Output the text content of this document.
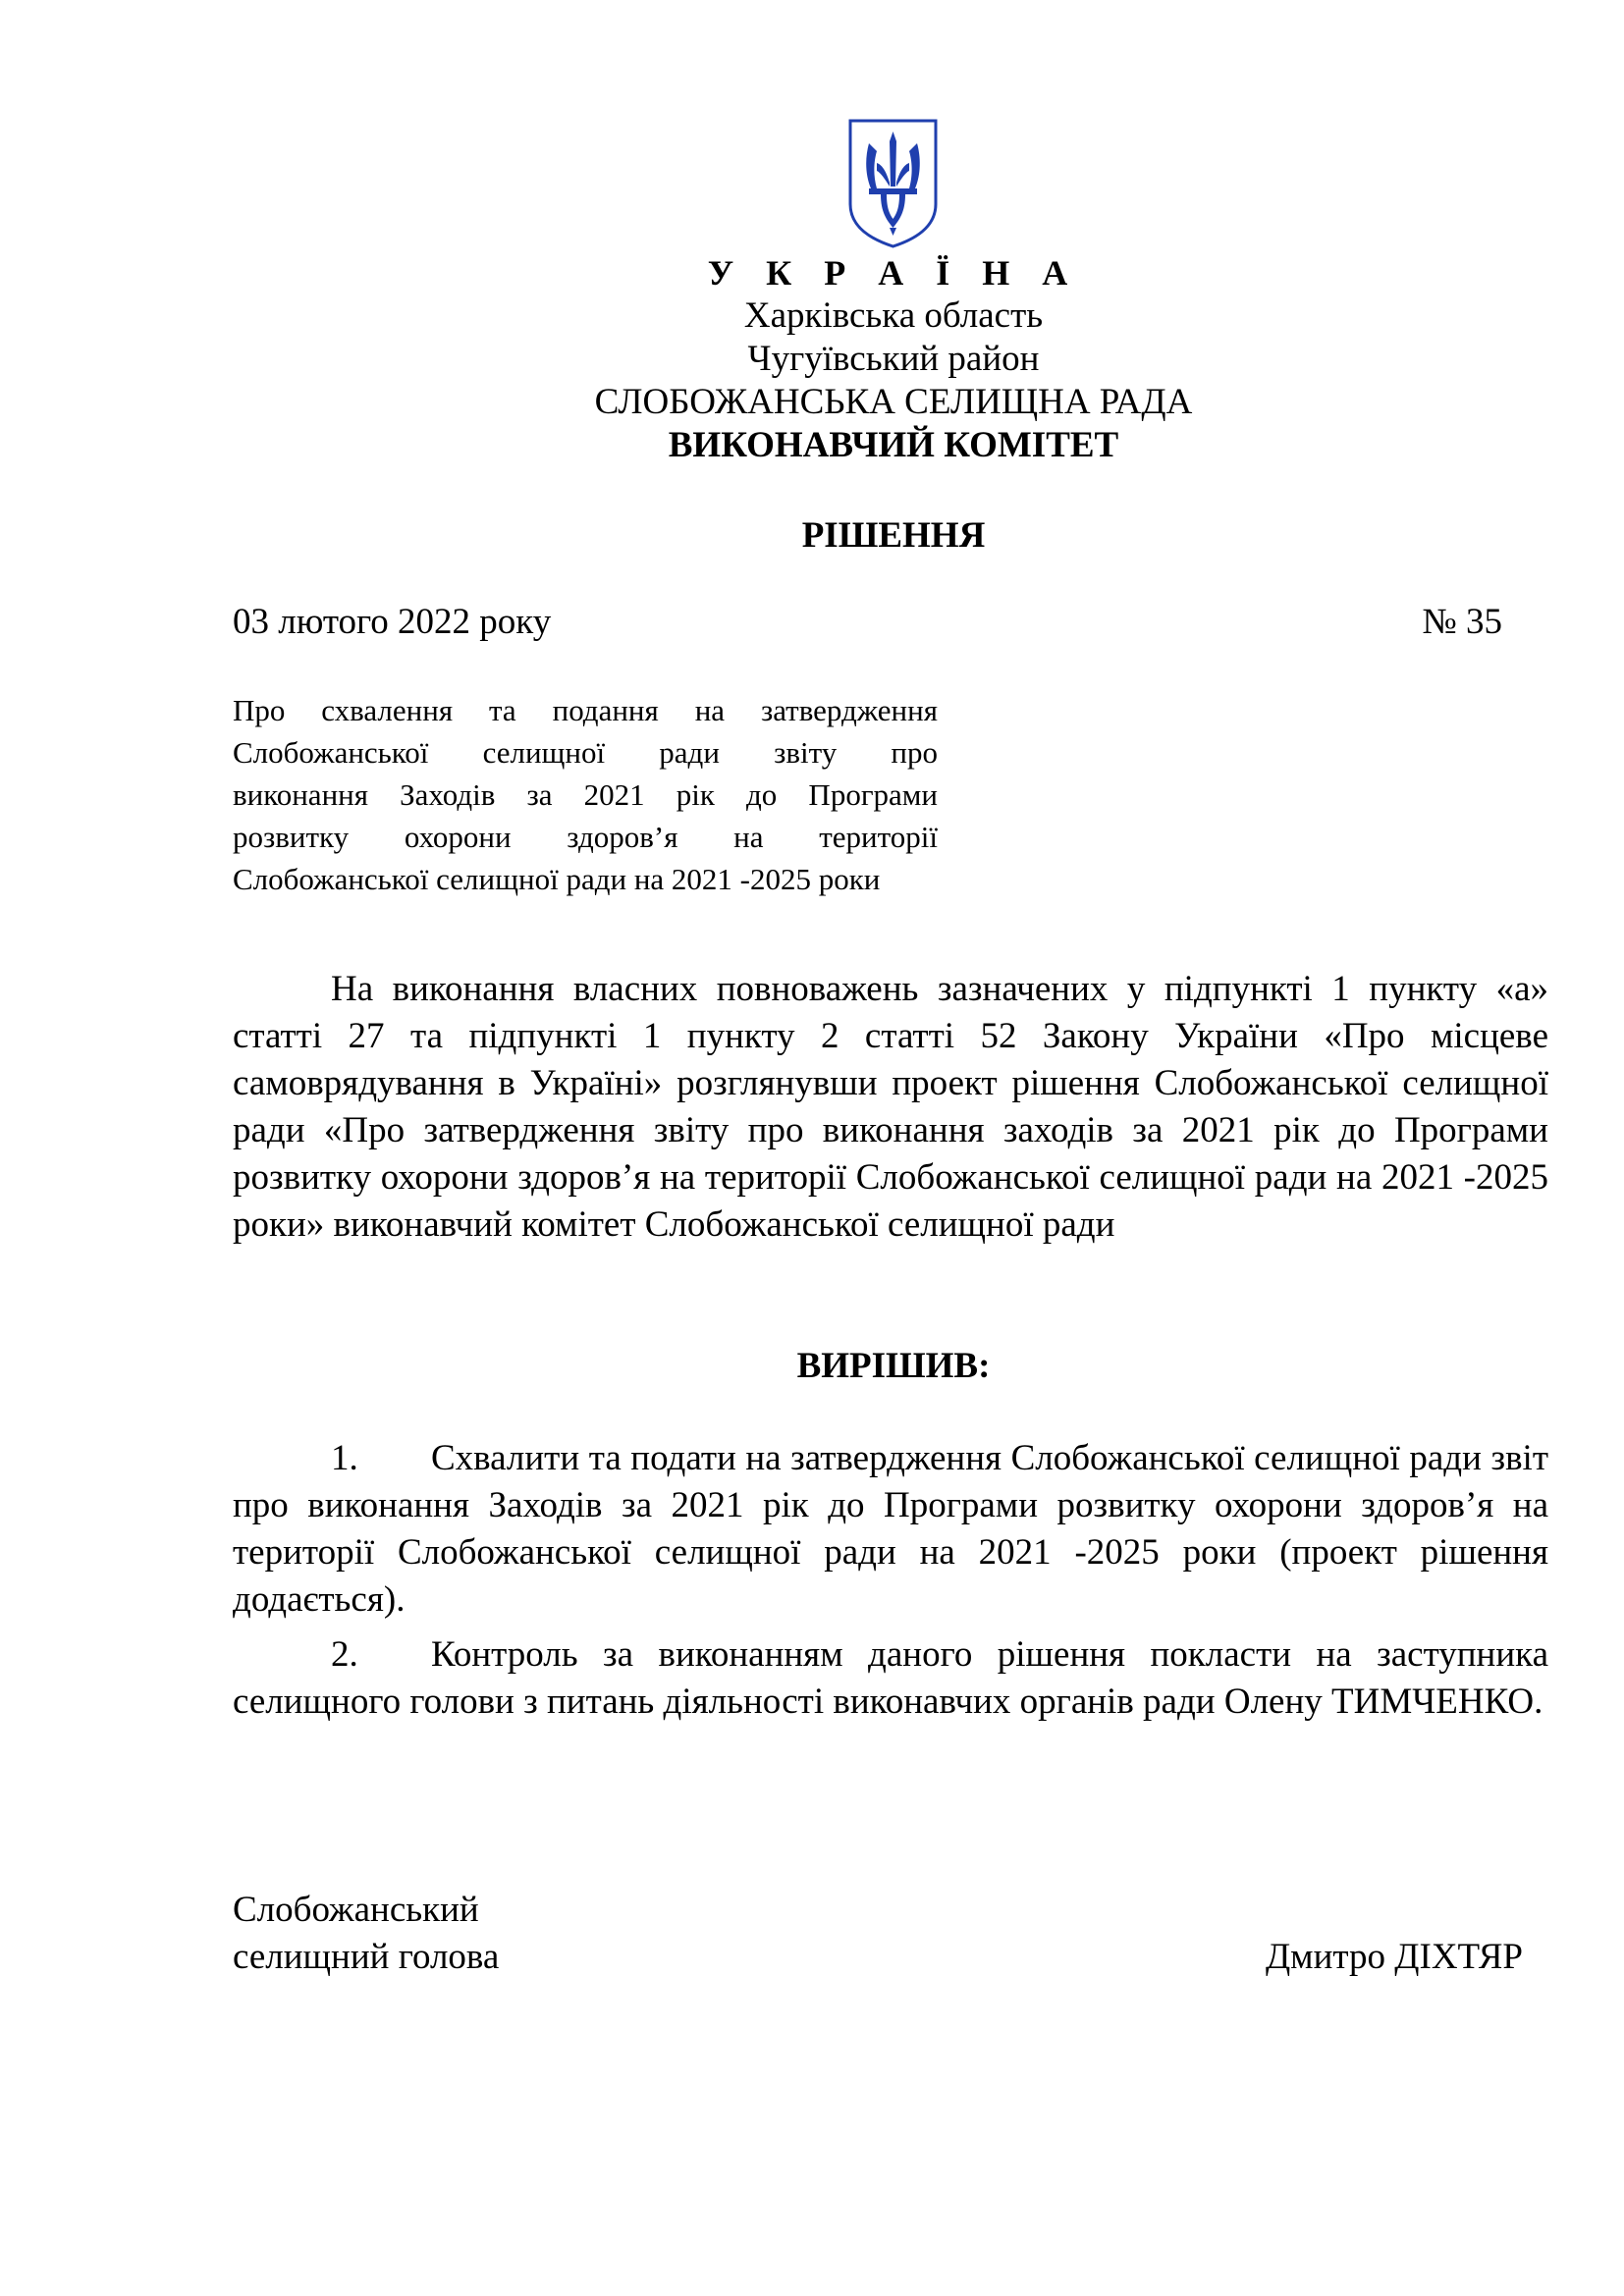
У К Р А Ї Н А
Харківська область
Чугуївський район
СЛОБОЖАНСЬКА СЕЛИЩНА РАДА
ВИКОНАВЧИЙ КОМІТЕТ
РІШЕННЯ
03 лютого 2022 року	№ 35
Про схвалення та подання на затвердження
Слобожанської селищної ради звіту про
виконання Заходів за 2021 рік до Програми
розвитку охорони здоров’я на території
Слобожанської селищної ради на 2021 -2025 роки
На виконання власних повноважень зазначених у підпункті 1 пункту «а» статті 27 та підпункті 1 пункту 2 статті 52 Закону України «Про місцеве самоврядування в Україні» розглянувши проект рішення Слобожанської селищної ради «Про затвердження звіту про виконання заходів за 2021 рік до Програми розвитку охорони здоров’я на території Слобожанської селищної ради на 2021 -2025 роки» виконавчий комітет Слобожанської селищної ради
ВИРІШИВ:
1. Схвалити та подати на затвердження Слобожанської селищної ради звіт про виконання Заходів за 2021 рік до Програми розвитку охорони здоров’я на території Слобожанської селищної ради на 2021 -2025 роки (проект рішення додається).
2. Контроль за виконанням даного рішення покласти на заступника селищного голови з питань діяльності виконавчих органів ради Олену ТИМЧЕНКО.
Слобожанський
селищний голова	Дмитро ДІХТЯР
